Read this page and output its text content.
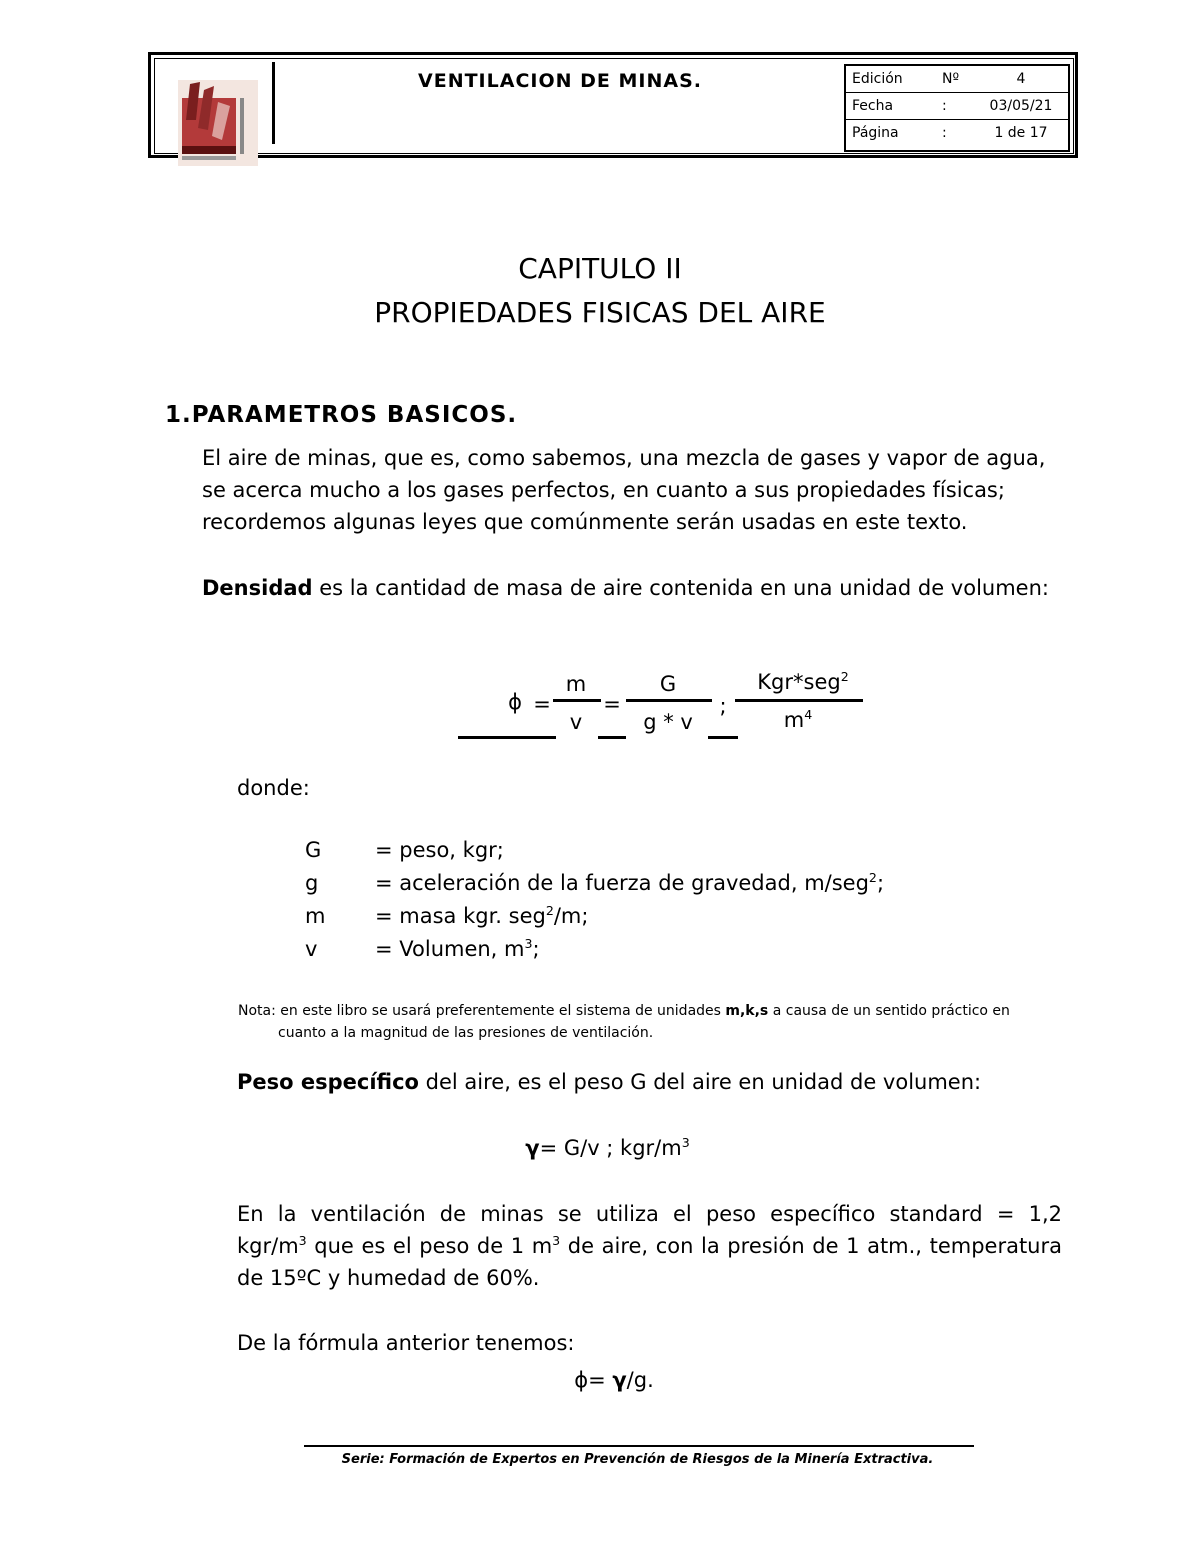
VENTILACION DE MINAS.	Edición	Nº	4
Fecha	:	03/05/21
Página	:	1 de 17
CAPITULO II
PROPIEDADES FISICAS DEL AIRE
1.PARAMETROS BASICOS.
El aire de minas, que es, como sabemos, una mezcla de gases y vapor de agua,
se acerca mucho a los gases perfectos, en cuanto a sus propiedades físicas;
recordemos algunas leyes que comúnmente serán usadas en este texto.
Densidad es la cantidad de masa de aire contenida en una unidad de volumen:
ϕ =
m
v
=
G
g * v
;
Kgr*seg$^2$
$m^4$
donde:
G	= peso, kgr;
g	= aceleración de la fuerza de gravedad, m/seg$^2$;
m = masa kgr. seg$^2$/m;
v	= Volumen, $m^3$;
Nota: en este libro se usará preferentemente el sistema de unidades m,k,s a causa de un sentido práctico en
cuanto a la magnitud de las presiones de ventilación.
Peso específico del aire, es el peso G del aire en unidad de volumen:
γ= G/v ; kgr/$m^3$
En la ventilación de minas se utiliza el peso específico standard = 1,2
kgr/$m^3$ que es el peso de 1 $m^3$ de aire, con la presión de 1 atm., temperatura
de 15ºC y humedad de 60%.
De la fórmula anterior tenemos:
ϕ= γ/g.
Serie: Formación de Expertos en Prevención de Riesgos de la Minería Extractiva.
